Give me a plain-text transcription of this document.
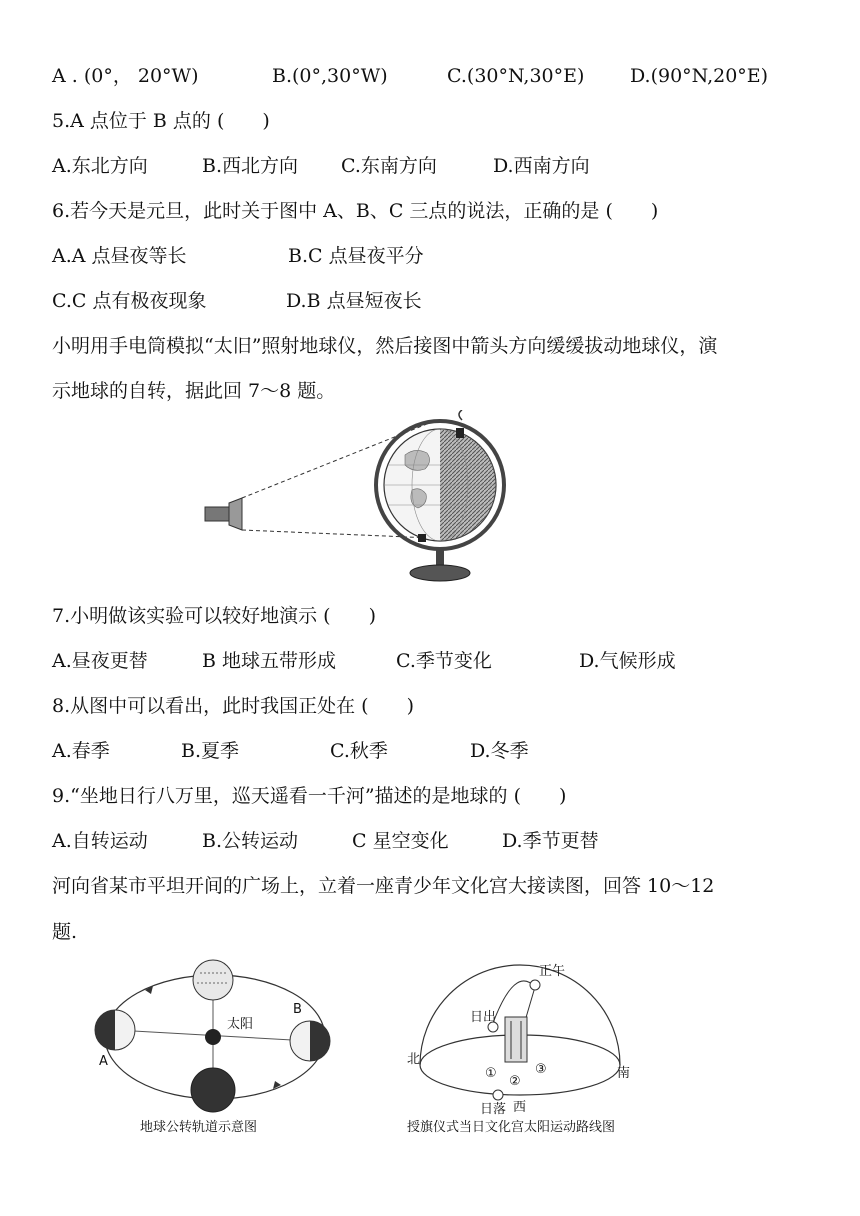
A . (0°， 20°W)	B.(0°,30°W)	C.(30°N,30°E) D.(90°N,20°E)
5.A 点位于 B 点的 (　　)
A.东北方向	B.西北方向 C.东南方向	D.西南方向
6.若今天是元旦，此时关于图中 A、B、C 三点的说法，正确的是 (　　)
A.A 点昼夜等长	B.C 点昼夜平分
C.C 点有极夜现象	D.B 点昼短夜长
小明用手电筒模拟“太旧”照射地球仪，然后接图中箭头方向缓缓拔动地球仪，演
示地球的自转，据此回 7～8 题。
7.小明做该实验可以较好地演示 (　　)
A.昼夜更替	B 地球五带形成	C.季节变化	D.气候形成
8.从图中可以看出，此时我国正处在 (　　)
A.春季	B.夏季	C.秋季	D.冬季
9.“坐地日行八万里，巡天遥看一千河”描述的是地球的 (　　)
A.自转运动	B.公转运动	C 星空变化	D.季节更替
河向省某市平坦开间的广场上，立着一座青少年文化宫大接读图，回答 10～12
题.
太阳
A
B
地球公转轨道示意图
正午
日出
日落
北
南
西
①
②
③
授旗仪式当日文化宫太阳运动路线图
